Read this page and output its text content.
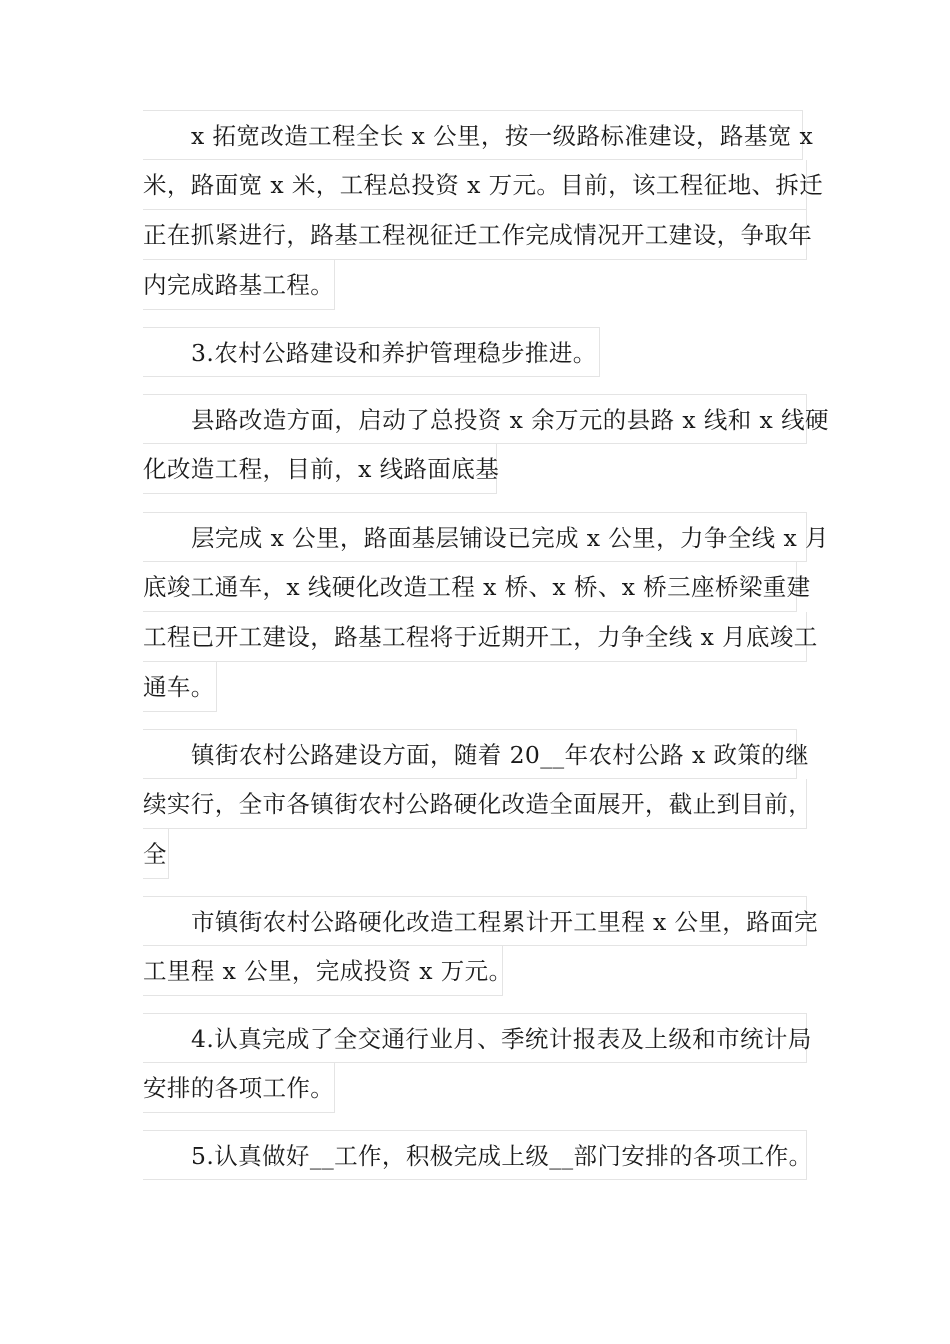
x 拓宽改造工程全长 x 公里，按一级路标准建设，路基宽 x
米，路面宽 x 米，工程总投资 x 万元。目前，该工程征地、拆迁
正在抓紧进行，路基工程视征迁工作完成情况开工建设，争取年
内完成路基工程。
3.农村公路建设和养护管理稳步推进。
县路改造方面，启动了总投资 x 余万元的县路 x 线和 x 线硬
化改造工程，目前，x 线路面底基
层完成 x 公里，路面基层铺设已完成 x 公里，力争全线 x 月
底竣工通车，x 线硬化改造工程 x 桥、x 桥、x 桥三座桥梁重建
工程已开工建设，路基工程将于近期开工，力争全线 x 月底竣工
通车。
镇街农村公路建设方面，随着 20__年农村公路 x 政策的继
续实行，全市各镇街农村公路硬化改造全面展开，截止到目前，
全
市镇街农村公路硬化改造工程累计开工里程 x 公里，路面完
工里程 x 公里，完成投资 x 万元。
4.认真完成了全交通行业月、季统计报表及上级和市统计局
安排的各项工作。
5.认真做好__工作，积极完成上级__部门安排的各项工作。
